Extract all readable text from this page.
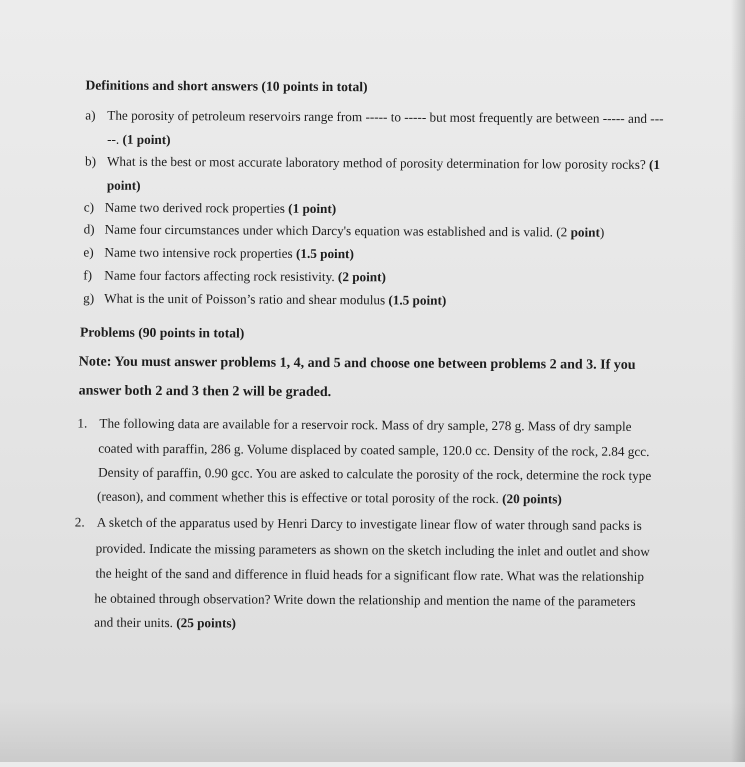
Definitions and short answers (10 points in total)
a) The porosity of petroleum reservoirs range from ----- to ----- but most frequently are between ----- and ---
--. (1 point)
b) What is the best or most accurate laboratory method of porosity determination for low porosity rocks? (1
point)
c) Name two derived rock properties (1 point)
d) Name four circumstances under which Darcy's equation was established and is valid. (2 point)
e) Name two intensive rock properties (1.5 point)
f) Name four factors affecting rock resistivity. (2 point)
g) What is the unit of Poisson’s ratio and shear modulus (1.5 point)
Problems (90 points in total)
Note: You must answer problems 1, 4, and 5 and choose one between problems 2 and 3. If you
answer both 2 and 3 then 2 will be graded.
1. The following data are available for a reservoir rock. Mass of dry sample, 278 g. Mass of dry sample
coated with paraffin, 286 g. Volume displaced by coated sample, 120.0 cc. Density of the rock, 2.84 gcc.
Density of paraffin, 0.90 gcc. You are asked to calculate the porosity of the rock, determine the rock type
(reason), and comment whether this is effective or total porosity of the rock. (20 points)
2. A sketch of the apparatus used by Henri Darcy to investigate linear flow of water through sand packs is
provided. Indicate the missing parameters as shown on the sketch including the inlet and outlet and show
the height of the sand and difference in fluid heads for a significant flow rate. What was the relationship
he obtained through observation? Write down the relationship and mention the name of the parameters
and their units. (25 points)
